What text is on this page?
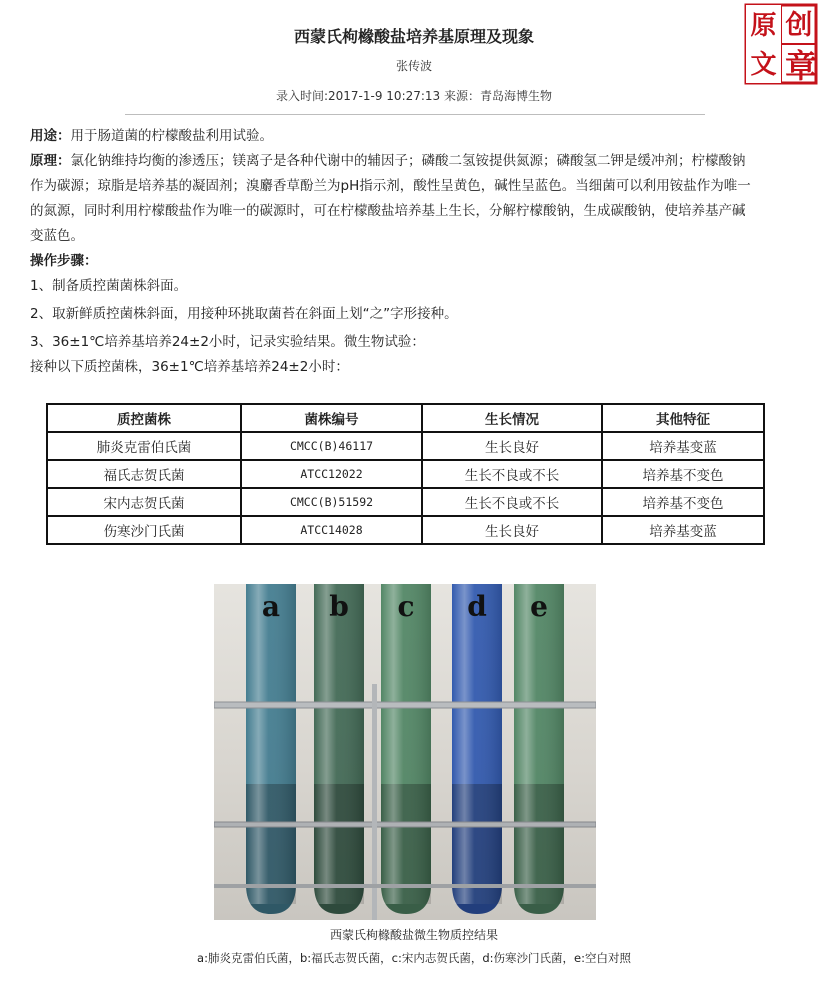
西蒙氏枸橼酸盐培养基原理及现象
张传波
录入时间:2017-1-9 10:27:13 来源：青岛海博生物
原 创
文 章

用途：用于肠道菌的柠檬酸盐利用试验。

原理：氯化钠维持均衡的渗透压；镁离子是各种代谢中的辅因子；磷酸二氢铵提供氮源；磷酸氢二钾是缓冲剂；柠檬酸钠

作为碳源；琼脂是培养基的凝固剂；溴麝香草酚兰为pH指示剂，酸性呈黄色，碱性呈蓝色。当细菌可以利用铵盐作为唯一

的氮源，同时利用柠檬酸盐作为唯一的碳源时，可在柠檬酸盐培养基上生长，分解柠檬酸钠，生成碳酸钠，使培养基产碱

变蓝色。

操作步骤：

1、制备质控菌菌株斜面。

2、取新鲜质控菌株斜面，用接种环挑取菌苔在斜面上划“之”字形接种。

3、36±1℃培养基培养24±2小时，记录实验结果。微生物试验：

接种以下质控菌株，36±1℃培养基培养24±2小时：

质控菌株	菌株编号	生长情况	其他特征
肺炎克雷伯氏菌	CMCC(B)46117	生长良好	培养基变蓝
福氏志贺氏菌	ATCC12022	生长不良或不长	培养基不变色
宋内志贺氏菌	CMCC(B)51592	生长不良或不长	培养基不变色
伤寒沙门氏菌	ATCC14028	生长良好	培养基变蓝
a b c d e
西蒙氏枸橼酸盐微生物质控结果
a:肺炎克雷伯氏菌，b:福氏志贺氏菌，c:宋内志贺氏菌，d:伤寒沙门氏菌，e:空白对照
